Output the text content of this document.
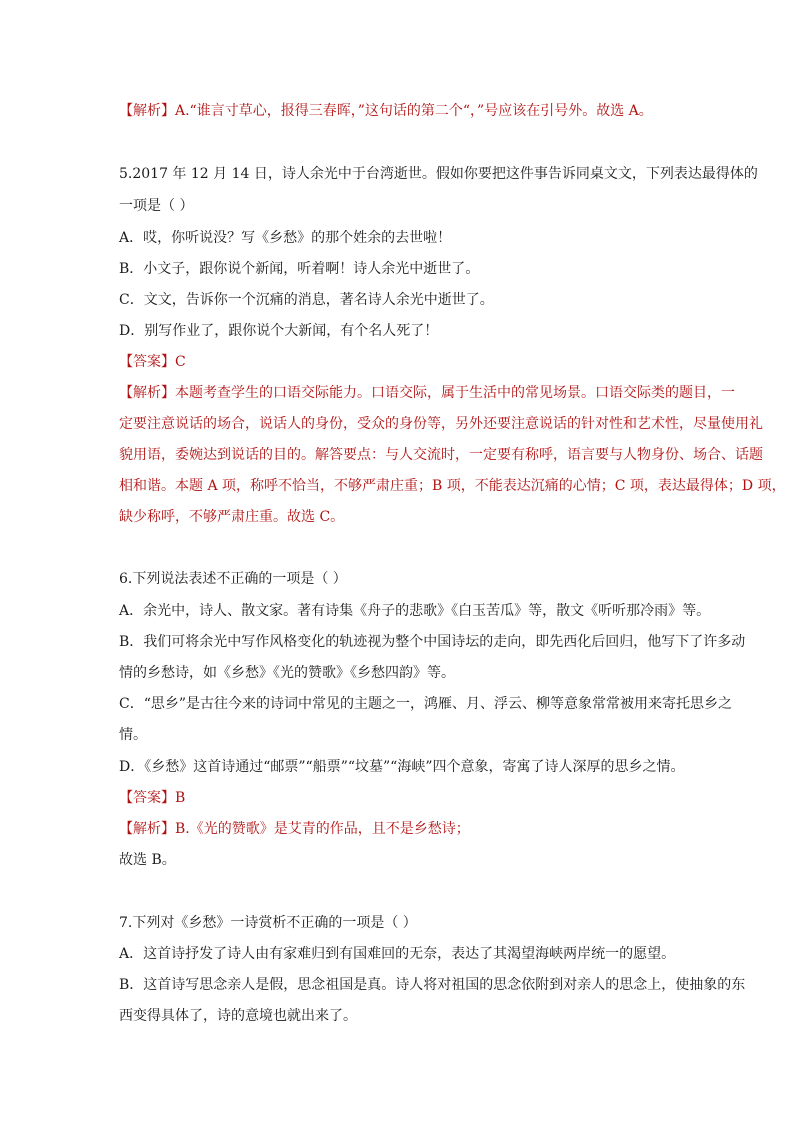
【解析】A.“谁言寸草心，报得三春晖，”这句话的第二个“，”号应该在引号外。故选 A。
5.2017 年 12 月 14 日，诗人余光中于台湾逝世。假如你要把这件事告诉同桌文文，下列表达最得体的
一项是（ ）
A．哎，你听说没？写《乡愁》的那个姓余的去世啦！
B．小文子，跟你说个新闻，听着啊！诗人余光中逝世了。
C．文文，告诉你一个沉痛的消息，著名诗人余光中逝世了。
D．别写作业了，跟你说个大新闻，有个名人死了！
【答案】C
【解析】本题考查学生的口语交际能力。口语交际，属于生活中的常见场景。口语交际类的题目，一
定要注意说话的场合，说话人的身份，受众的身份等，另外还要注意说话的针对性和艺术性，尽量使用礼
貌用语，委婉达到说话的目的。解答要点：与人交流时，一定要有称呼，语言要与人物身份、场合、话题
相和谐。本题 A 项，称呼不恰当，不够严肃庄重；B 项，不能表达沉痛的心情；C 项，表达最得体；D 项，
缺少称呼，不够严肃庄重。故选 C。
6.下列说法表述不正确的一项是（ ）
A．余光中，诗人、散文家。著有诗集《舟子的悲歌》《白玉苦瓜》等，散文《听听那冷雨》等。
B．我们可将余光中写作风格变化的轨迹视为整个中国诗坛的走向，即先西化后回归，他写下了许多动
情的乡愁诗，如《乡愁》《光的赞歌》《乡愁四韵》等。
C．“思乡”是古往今来的诗词中常见的主题之一，鸿雁、月、浮云、柳等意象常常被用来寄托思乡之
情。
D．《乡愁》这首诗通过“邮票”“船票”“坟墓”“海峡”四个意象，寄寓了诗人深厚的思乡之情。
【答案】B
【解析】B.《光的赞歌》是艾青的作品，且不是乡愁诗；
故选 B。
7.下列对《乡愁》一诗赏析不正确的一项是（ ）
A．这首诗抒发了诗人由有家难归到有国难回的无奈，表达了其渴望海峡两岸统一的愿望。
B．这首诗写思念亲人是假，思念祖国是真。诗人将对祖国的思念依附到对亲人的思念上，使抽象的东
西变得具体了，诗的意境也就出来了。
